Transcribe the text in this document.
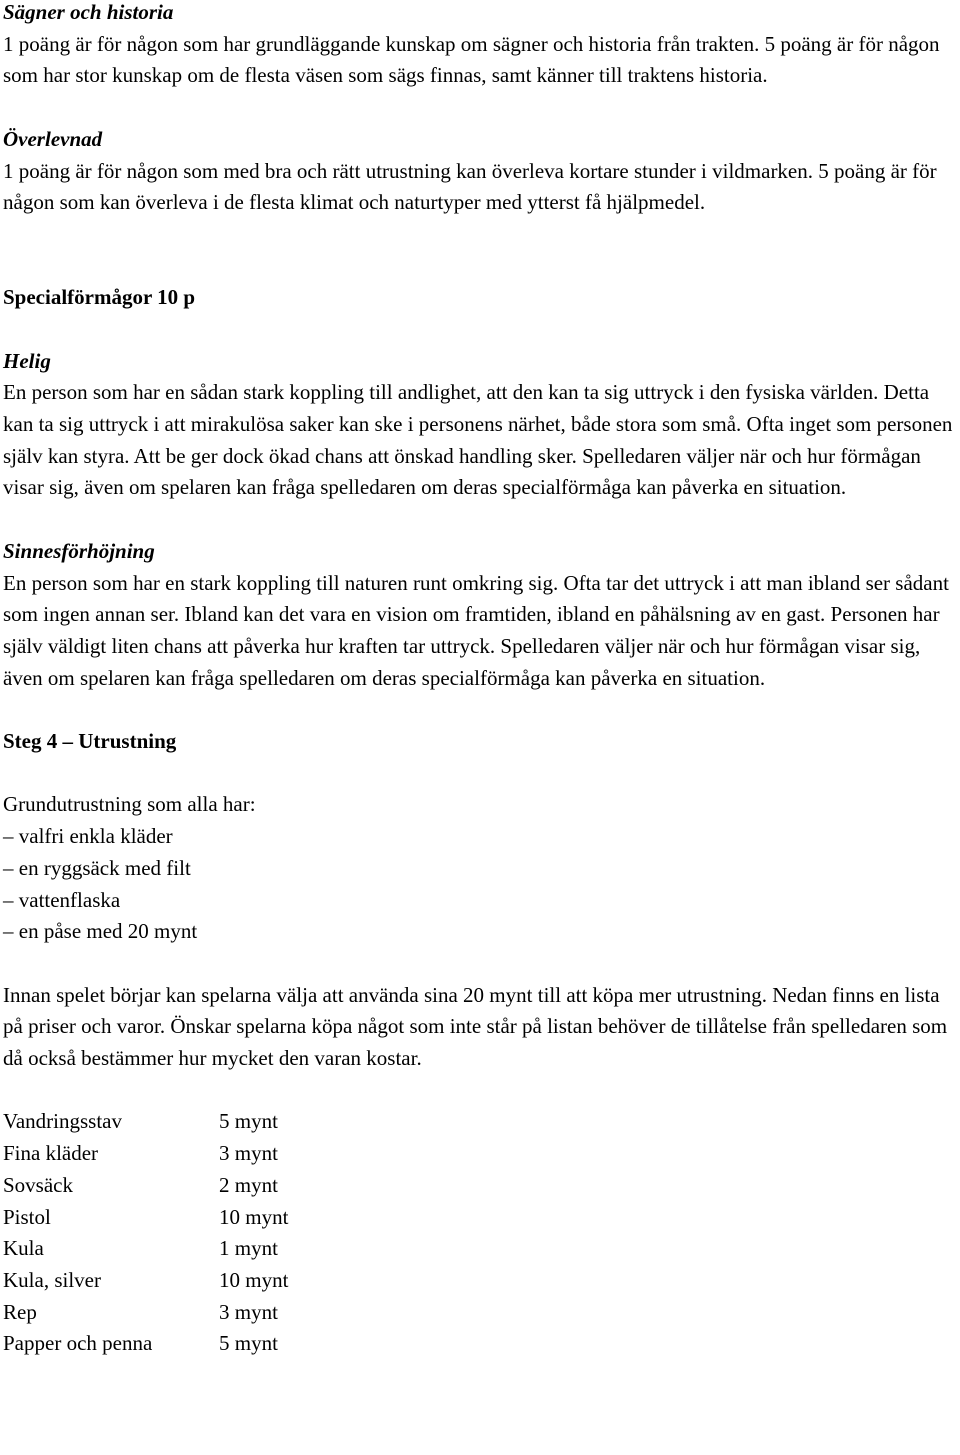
Sägner och historia

1 poäng är för någon som har grundläggande kunskap om sägner och historia från trakten. 5 poäng är för någon som har stor kunskap om de flesta väsen som sägs finnas, samt känner till traktens historia.

Överlevnad

1 poäng är för någon som med bra och rätt utrustning kan överleva kortare stunder i vildmarken. 5 poäng är för någon som kan överleva i de flesta klimat och naturtyper med ytterst få hjälpmedel.

Specialförmågor 10 p

Helig

En person som har en sådan stark koppling till andlighet, att den kan ta sig uttryck i den fysiska världen. Detta kan ta sig uttryck i att mirakulösa saker kan ske i personens närhet, både stora som små. Ofta inget som personen själv kan styra. Att be ger dock ökad chans att önskad handling sker. Spelledaren väljer när och hur förmågan visar sig, även om spelaren kan fråga spelledaren om deras specialförmåga kan påverka en situation.

Sinnesförhöjning

En person som har en stark koppling till naturen runt omkring sig. Ofta tar det uttryck i att man ibland ser sådant som ingen annan ser. Ibland kan det vara en vision om framtiden, ibland en påhälsning av en gast. Personen har själv väldigt liten chans att påverka hur kraften tar uttryck. Spelledaren väljer när och hur förmågan visar sig, även om spelaren kan fråga spelledaren om deras specialförmåga kan påverka en situation.

Steg 4 – Utrustning

Grundutrustning som alla har:

– valfri enkla kläder

– en ryggsäck med filt

– vattenflaska

– en påse med 20 mynt

Innan spelet börjar kan spelarna välja att använda sina 20 mynt till att köpa mer utrustning. Nedan finns en lista på priser och varor. Önskar spelarna köpa något som inte står på listan behöver de tillåtelse från spelledaren som då också bestämmer hur mycket den varan kostar.

Vandringsstav	5 mynt
Fina kläder	3 mynt
Sovsäck	2 mynt
Pistol	10 mynt
Kula	1 mynt
Kula, silver	10 mynt
Rep	3 mynt
Papper och penna	5 mynt
